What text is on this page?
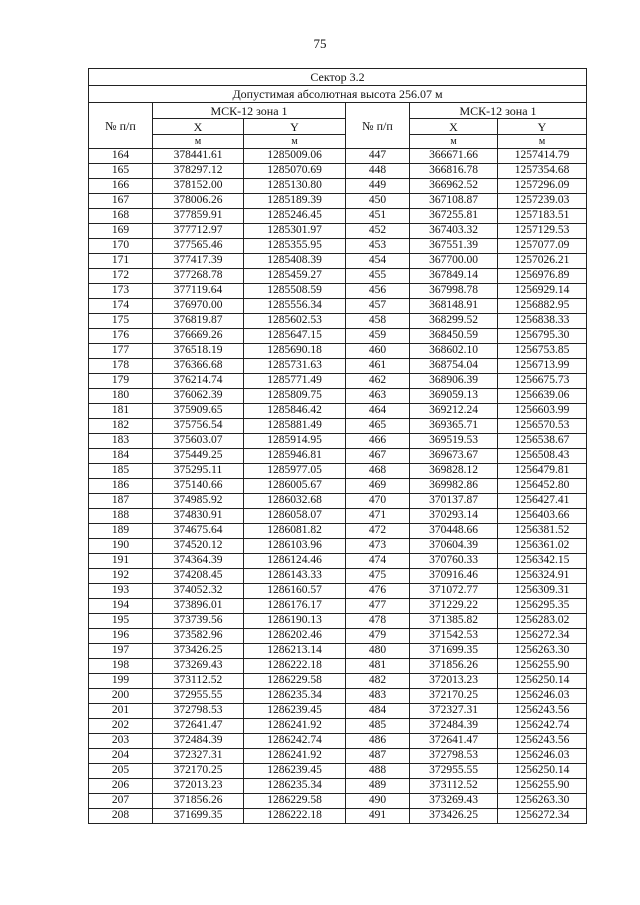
75
Сектор 3.2					
Допустимая абсолютная высота 256.07 м					
№ п/п	МСК-12 зона 1		№ п/п	МСК-12 зона 1	
	X	Y		X	Y
	м	м		м	м
164	378441.61	1285009.06	447	366671.66	1257414.79
165	378297.12	1285070.69	448	366816.78	1257354.68
166	378152.00	1285130.80	449	366962.52	1257296.09
167	378006.26	1285189.39	450	367108.87	1257239.03
168	377859.91	1285246.45	451	367255.81	1257183.51
169	377712.97	1285301.97	452	367403.32	1257129.53
170	377565.46	1285355.95	453	367551.39	1257077.09
171	377417.39	1285408.39	454	367700.00	1257026.21
172	377268.78	1285459.27	455	367849.14	1256976.89
173	377119.64	1285508.59	456	367998.78	1256929.14
174	376970.00	1285556.34	457	368148.91	1256882.95
175	376819.87	1285602.53	458	368299.52	1256838.33
176	376669.26	1285647.15	459	368450.59	1256795.30
177	376518.19	1285690.18	460	368602.10	1256753.85
178	376366.68	1285731.63	461	368754.04	1256713.99
179	376214.74	1285771.49	462	368906.39	1256675.73
180	376062.39	1285809.75	463	369059.13	1256639.06
181	375909.65	1285846.42	464	369212.24	1256603.99
182	375756.54	1285881.49	465	369365.71	1256570.53
183	375603.07	1285914.95	466	369519.53	1256538.67
184	375449.25	1285946.81	467	369673.67	1256508.43
185	375295.11	1285977.05	468	369828.12	1256479.81
186	375140.66	1286005.67	469	369982.86	1256452.80
187	374985.92	1286032.68	470	370137.87	1256427.41
188	374830.91	1286058.07	471	370293.14	1256403.66
189	374675.64	1286081.82	472	370448.66	1256381.52
190	374520.12	1286103.96	473	370604.39	1256361.02
191	374364.39	1286124.46	474	370760.33	1256342.15
192	374208.45	1286143.33	475	370916.46	1256324.91
193	374052.32	1286160.57	476	371072.77	1256309.31
194	373896.01	1286176.17	477	371229.22	1256295.35
195	373739.56	1286190.13	478	371385.82	1256283.02
196	373582.96	1286202.46	479	371542.53	1256272.34
197	373426.25	1286213.14	480	371699.35	1256263.30
198	373269.43	1286222.18	481	371856.26	1256255.90
199	373112.52	1286229.58	482	372013.23	1256250.14
200	372955.55	1286235.34	483	372170.25	1256246.03
201	372798.53	1286239.45	484	372327.31	1256243.56
202	372641.47	1286241.92	485	372484.39	1256242.74
203	372484.39	1286242.74	486	372641.47	1256243.56
204	372327.31	1286241.92	487	372798.53	1256246.03
205	372170.25	1286239.45	488	372955.55	1256250.14
206	372013.23	1286235.34	489	373112.52	1256255.90
207	371856.26	1286229.58	490	373269.43	1256263.30
208	371699.35	1286222.18	491	373426.25	1256272.34
